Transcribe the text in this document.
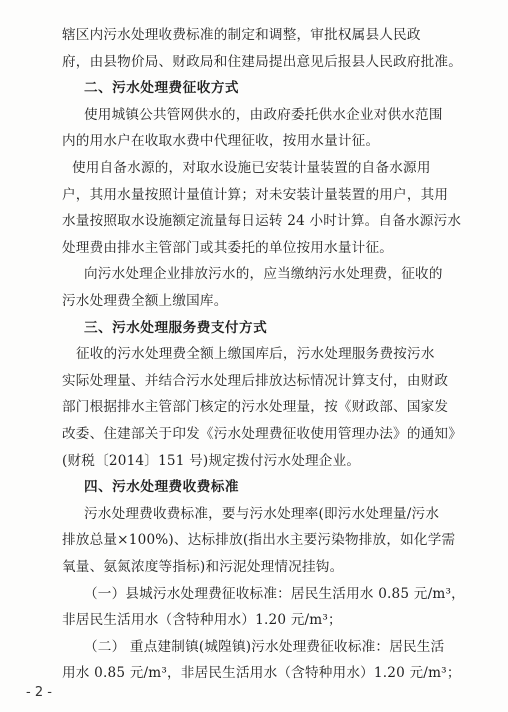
- 2 -
辖区内污水处理收费标准的制定和调整，审批权属县人民政
府，由县物价局、财政局和住建局提出意见后报县人民政府批准。
二、污水处理费征收方式
使用城镇公共管网供水的，由政府委托供水企业对供水范围
内的用水户在收取水费中代理征收，按用水量计征。
使用自备水源的，对取水设施已安装计量装置的自备水源用
户，其用水量按照计量值计算；对未安装计量装置的用户，其用
水量按照取水设施额定流量每日运转 24 小时计算。自备水源污水
处理费由排水主管部门或其委托的单位按用水量计征。
向污水处理企业排放污水的，应当缴纳污水处理费，征收的
污水处理费全额上缴国库。
三、污水处理服务费支付方式
征收的污水处理费全额上缴国库后，污水处理服务费按污水
实际处理量、并结合污水处理后排放达标情况计算支付，由财政
部门根据排水主管部门核定的污水处理量，按《财政部、国家发
改委、住建部关于印发《污水处理费征收使用管理办法》的通知》
(财税〔2014〕151 号)规定拨付污水处理企业。
四、污水处理费收费标准
污水处理费收费标准，要与污水处理率(即污水处理量/污水
排放总量×100%)、达标排放(指出水主要污染物排放，如化学需
氧量、氨氮浓度等指标)和污泥处理情况挂钩。
（一）县城污水处理费征收标准：居民生活用水 0.85 元/m³，
非居民生活用水（含特种用水）1.20 元/m³；
（二） 重点建制镇(城隍镇)污水处理费征收标准：居民生活
用水 0.85 元/m³，非居民生活用水（含特种用水）1.20 元/m³；
